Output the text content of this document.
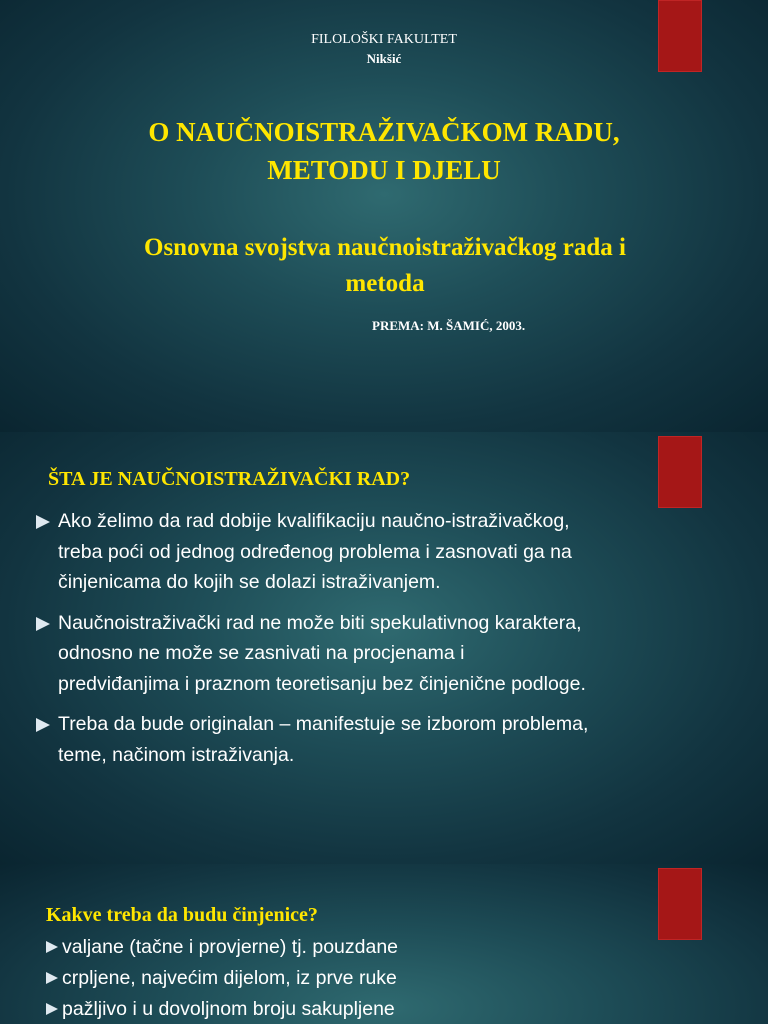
FILOLOŠKI FAKULTET
Nikšić
O NAUČNOISTRAŽIVAČKOM RADU,
METODU I DJELU
Osnovna svojstva naučnoistraživačkog rada i
metoda
PREMA: M. ŠAMIĆ, 2003.
ŠTA JE NAUČNOISTRAŽIVAČKI RAD?
Ako želimo da rad dobije kvalifikaciju naučno-istraživačkog,
treba poći od jednog određenog problema i zasnovati ga na
činjenicama do kojih se dolazi istraživanjem.
Naučnoistraživački rad ne može biti spekulativnog karaktera,
odnosno ne može se zasnivati na procjenama i
predviđanjima i praznom teoretisanju bez činjenične podloge.
Treba da bude originalan – manifestuje se izborom problema,
teme, načinom istraživanja.
Kakve treba da budu činjenice?
valjane (tačne i provjerne) tj. pouzdane
crpljene, najvećim dijelom, iz prve ruke
pažljivo i u dovoljnom broju sakupljene
